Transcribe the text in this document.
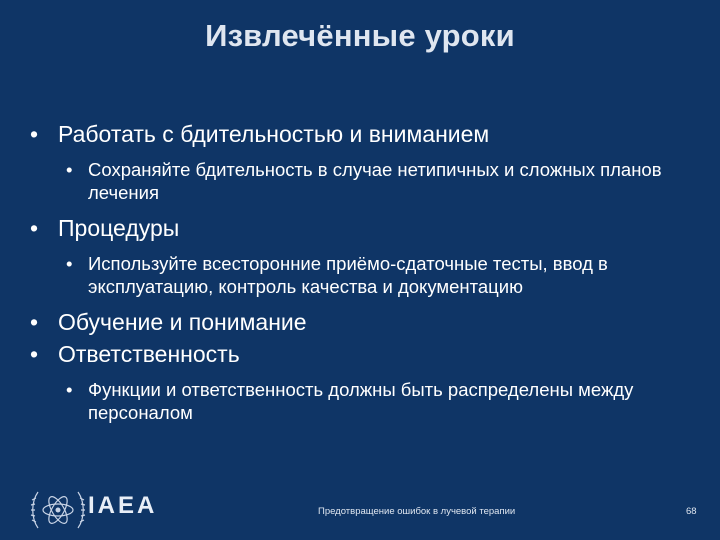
Извлечённые уроки
• Работать с бдительностью и вниманием
• Сохраняйте бдительность в случае нетипичных и сложных планов лечения
• Процедуры
• Используйте всесторонние приёмо-сдаточные тесты, ввод в эксплуатацию, контроль качества и документацию
• Обучение и понимание
• Ответственность
• Функции и ответственность должны быть распределены между персоналом
IAEA	Предотвращение ошибок в лучевой терапии	68
